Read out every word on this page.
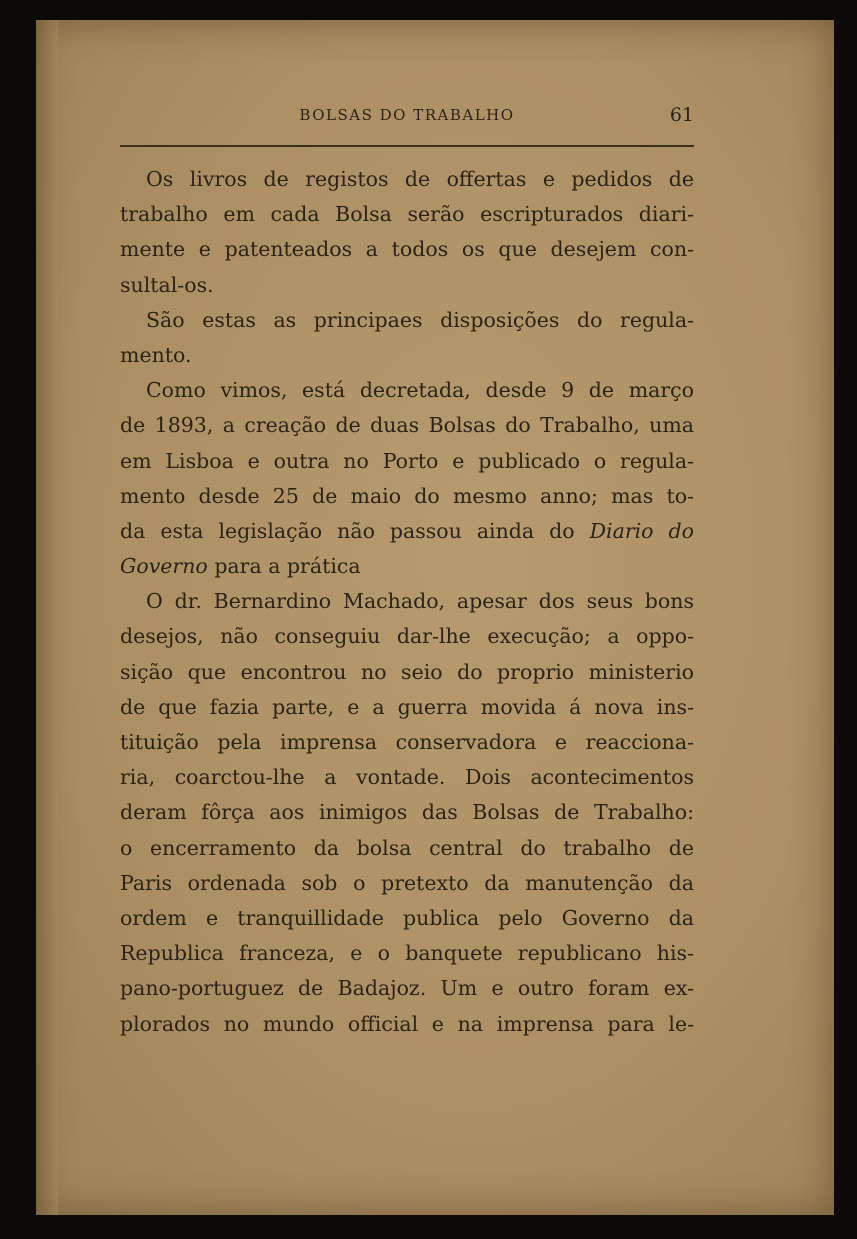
BOLSAS DO TRABALHO	61
Os livros de registos de offertas e pedidos de
trabalho em cada Bolsa serão escripturados diari-
mente e patenteados a todos os que desejem con-
sultal-os.
São estas as principaes disposições do regula-
mento.
Como vimos, está decretada, desde 9 de março
de 1893, a creação de duas Bolsas do Trabalho, uma
em Lisboa e outra no Porto e publicado o regula-
mento desde 25 de maio do mesmo anno; mas to-
da esta legislação não passou ainda do Diario do
Governo para a prática
O dr. Bernardino Machado, apesar dos seus bons
desejos, não conseguiu dar-lhe execução; a oppo-
sição que encontrou no seio do proprio ministerio
de que fazia parte, e a guerra movida á nova ins-
tituição pela imprensa conservadora e reacciona-
ria, coarctou-lhe a vontade. Dois acontecimentos
deram fôrça aos inimigos das Bolsas de Trabalho:
o encerramento da bolsa central do trabalho de
Paris ordenada sob o pretexto da manutenção da
ordem e tranquillidade publica pelo Governo da
Republica franceza, e o banquete republicano his-
pano-portuguez de Badajoz. Um e outro foram ex-
plorados no mundo official e na imprensa para le-
